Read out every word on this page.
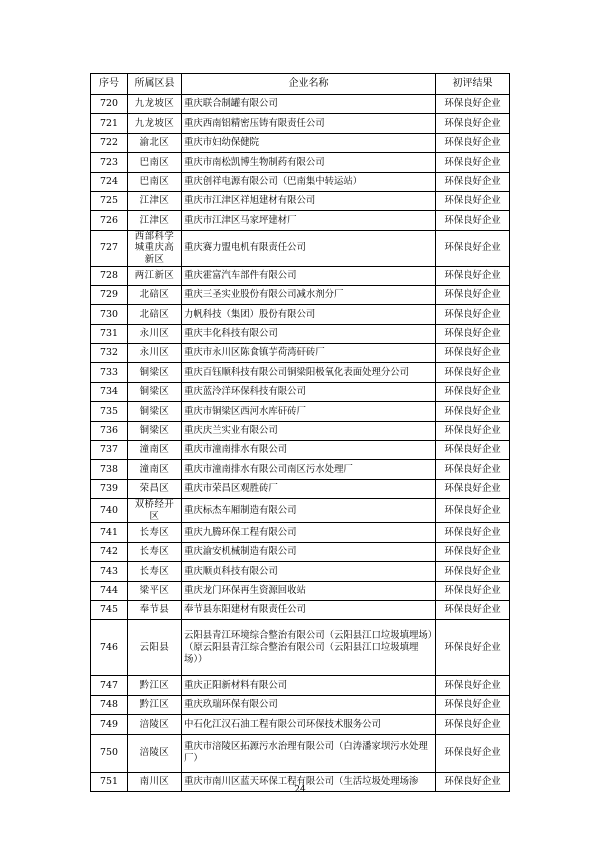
序号	所属区县	企业名称	初评结果
720	九龙坡区	重庆联合制罐有限公司	环保良好企业
721	九龙坡区	重庆西南铝精密压铸有限责任公司	环保良好企业
722	渝北区	重庆市妇幼保健院	环保良好企业
723	巴南区	重庆市南松凯博生物制药有限公司	环保良好企业
724	巴南区	重庆创祥电源有限公司（巴南集中转运站）	环保良好企业
725	江津区	重庆市江津区祥旭建材有限公司	环保良好企业
726	江津区	重庆市江津区马家坪建材厂	环保良好企业
727	西部科学城重庆高新区	重庆赛力盟电机有限责任公司	环保良好企业
728	两江新区	重庆霍富汽车部件有限公司	环保良好企业
729	北碚区	重庆三圣实业股份有限公司减水剂分厂	环保良好企业
730	北碚区	力帆科技（集团）股份有限公司	环保良好企业
731	永川区	重庆丰化科技有限公司	环保良好企业
732	永川区	重庆市永川区陈食镇芋荷湾矸砖厂	环保良好企业
733	铜梁区	重庆百钰顺科技有限公司铜梁阳极氧化表面处理分公司	环保良好企业
734	铜梁区	重庆蓝泠洋环保科技有限公司	环保良好企业
735	铜梁区	重庆市铜梁区西河水库矸砖厂	环保良好企业
736	铜梁区	重庆庆兰实业有限公司	环保良好企业
737	潼南区	重庆市潼南排水有限公司	环保良好企业
738	潼南区	重庆市潼南排水有限公司南区污水处理厂	环保良好企业
739	荣昌区	重庆市荣昌区观胜砖厂	环保良好企业
740	双桥经开区	重庆标杰车厢制造有限公司	环保良好企业
741	长寿区	重庆九腾环保工程有限公司	环保良好企业
742	长寿区	重庆渝安机械制造有限公司	环保良好企业
743	长寿区	重庆顺贞科技有限公司	环保良好企业
744	梁平区	重庆龙门环保再生资源回收站	环保良好企业
745	奉节县	奉节县东阳建材有限责任公司	环保良好企业
746	云阳县	云阳县青江环境综合整治有限公司（云阳县江口垃圾填埋场）（原云阳县青江综合整治有限公司（云阳县江口垃圾填埋场））	环保良好企业
747	黔江区	重庆正阳新材料有限公司	环保良好企业
748	黔江区	重庆玖瑞环保有限公司	环保良好企业
749	涪陵区	中石化江汉石油工程有限公司环保技术服务公司	环保良好企业
750	涪陵区	重庆市涪陵区拓源污水治理有限公司（白涛潘家坝污水处理厂）	环保良好企业
751	南川区	重庆市南川区蓝天环保工程有限公司（生活垃圾处理场渗	环保良好企业
24
